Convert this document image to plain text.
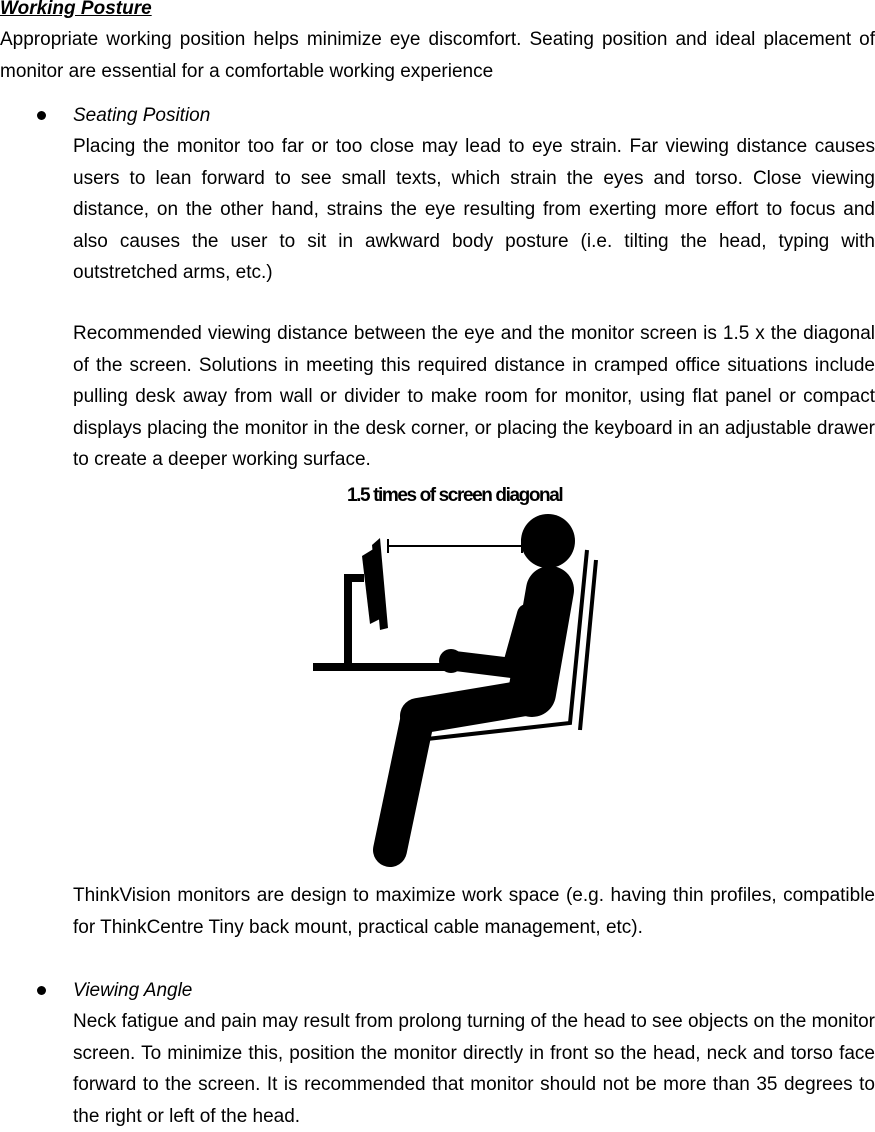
Working Posture

Appropriate working position helps minimize eye discomfort. Seating position and ideal placement of monitor are essential for a comfortable working experience

Seating Position

Placing the monitor too far or too close may lead to eye strain. Far viewing distance causes users to lean forward to see small texts, which strain the eyes and torso. Close viewing distance, on the other hand, strains the eye resulting from exerting more effort to focus and also causes the user to sit in awkward body posture (i.e. tilting the head, typing with outstretched arms, etc.)

Recommended viewing distance between the eye and the monitor screen is 1.5 x the diagonal of the screen. Solutions in meeting this required distance in cramped office situations include pulling desk away from wall or divider to make room for monitor, using flat panel or compact displays placing the monitor in the desk corner, or placing the keyboard in an adjustable drawer to create a deeper working surface.

1.5 times of screen diagonal

ThinkVision monitors are design to maximize work space (e.g. having thin profiles, compatible for ThinkCentre Tiny back mount, practical cable management, etc).

Viewing Angle

Neck fatigue and pain may result from prolong turning of the head to see objects on the monitor screen. To minimize this, position the monitor directly in front so the head, neck and torso face forward to the screen. It is recommended that monitor should not be more than 35 degrees to the right or left of the head.
